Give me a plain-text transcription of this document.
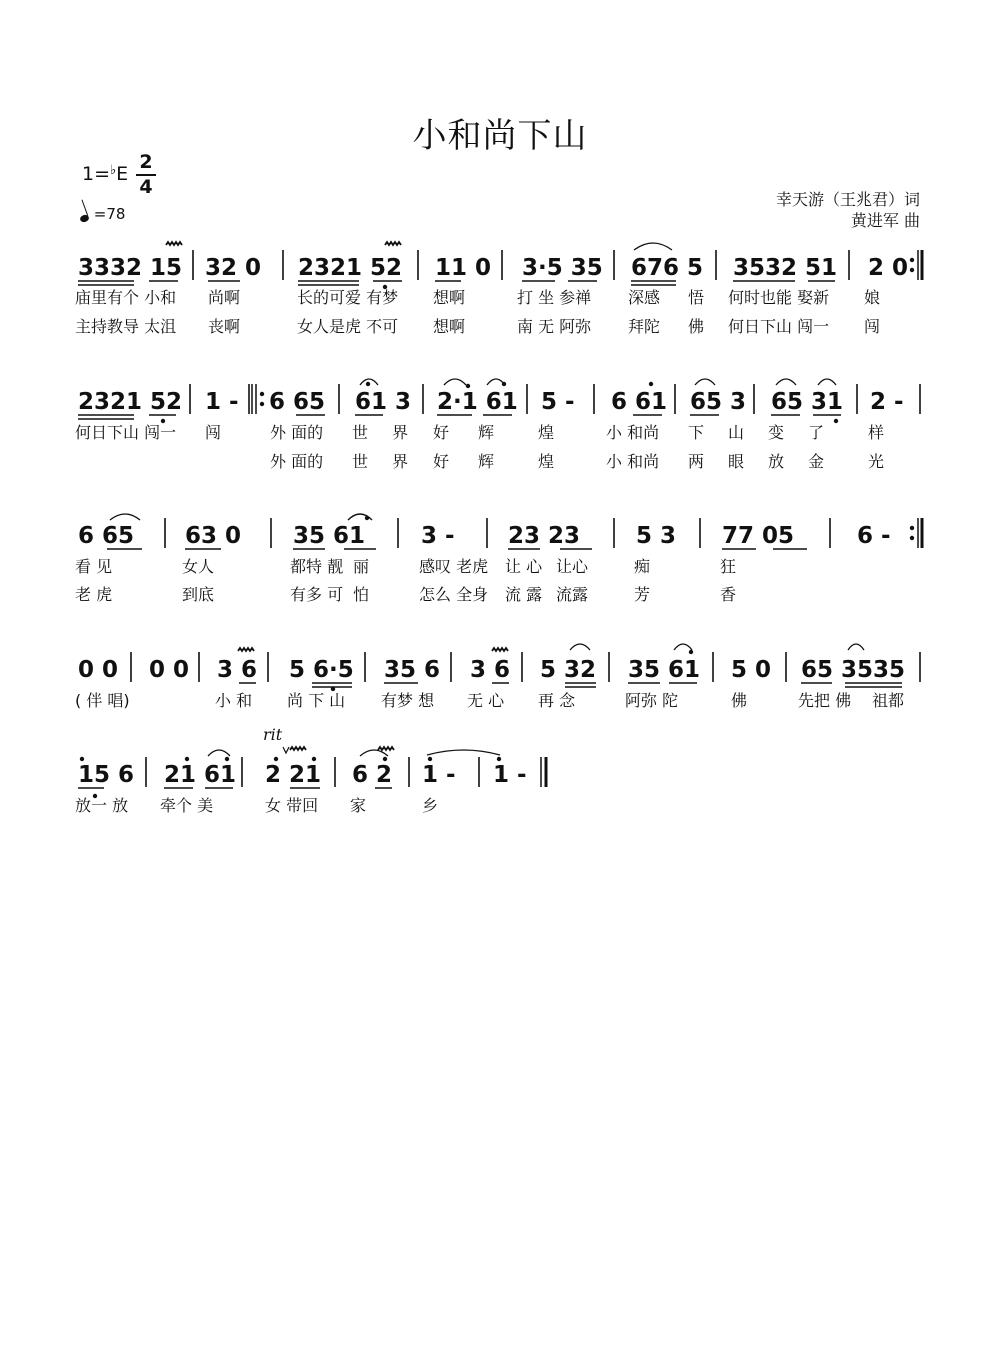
小和尚下山
1=♭E
2
4
=78
幸天游（王兆君）词
黄进军 曲
3332 15 32 0 2321 52 11 0 3·5 35 676 5 3532 51 2 0
庙里有个 小和 尚啊	长的可爱 有梦 想啊	打 坐 参禅 深感 悟 何时也能 娶新 娘
主持教导 太沮 丧啊	女人是虎 不可 想啊	南 无 阿弥 拜陀 佛 何日下山 闯一 闯
2321 52 1 - 6 65 61 3 2·1 61 5 - 6 61 65 3 65 31 2 -
何日下山 闯一 闯	外 面的 世 界 好 辉	煌	小 和尚 下 山 变 了	样
外 面的 世 界 好 辉	煌	小 和尚 两 眼 放 金	光
6 65 63 0 35 61 3 - 23 23 5 3 77 05	6 -
看 见	女人	都特 靓 丽	感叹 老虎 让 心 让心	痴	狂
老 虎	到底	有多 可 怕	怎么 全身 流 露 流露	芳	香
0 0 0 0 3 6 5 6·5 35 6 3 6 5 32 35 61 5 0 65 3535
( 伴 唱)	小 和 尚 下 山 有梦 想 无 心 再 念	阿弥 陀	佛	先把 佛 祖都
15 6 21 61 2 21 6 2 1 - 1 -
rit
放一 放 牵个 美	女 带回 家	乡
